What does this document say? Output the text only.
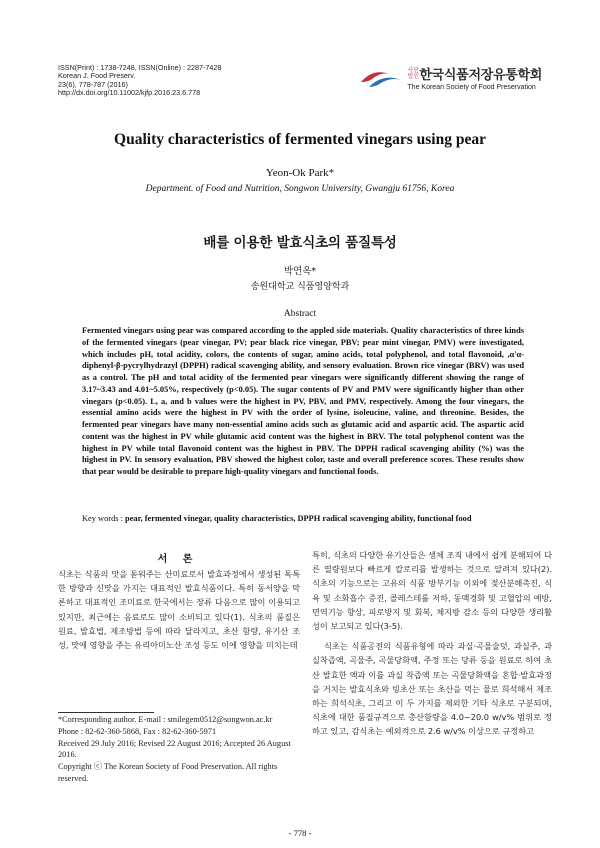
ISSN(Print) : 1738-7248, ISSN(Online) : 2287-7428
Korean J. Food Preserv.
23(6), 778-787 (2016)
http://dx.doi.org/10.11002/kjfp.2016.23.6.778
사단 법인 한국식품저장유통학회
The Korean Society of Food Preservation
Quality characteristics of fermented vinegars using pear
Yeon-Ok Park*
Department. of Food and Nutrition, Songwon University, Gwangju 61756, Korea
배를 이용한 발효식초의 품질특성
박연옥*
송원대학교 식품영양학과
Abstract

Fermented vinegars using pear was compared according to the appled side materials. Quality characteristics of three kinds of the fermented vinegars (pear vinegar, PV; pear black rice vinegar, PBV; pear mint vinegar, PMV) were investigated, which includes pH, total acidity, colors, the contents of sugar, amino acids, total polyphenol, and total flavonoid, ,α'α-diphenyl-β-pycrylhydrazyl (DPPH) radical scavenging ability, and sensory evaluation. Brown rice vinegar (BRV) was used as a control. The pH and total acidity of the fermented pear vinegars were significantly different showing the range of 3.17~3.43 and 4.01~5.05%, respectively (p<0.05). The sugar contents of PV and PMV were significantly higher than other vinegars (p<0.05). L, a, and b values were the highest in PV, PBV, and PMV, respectively. Among the four vinegars, the essential amino acids were the highest in PV with the order of lysine, isoleucine, valine, and threonine. Besides, the fermented pear vinegars have many non-essential amino acids such as glutamic acid and aspartic acid. The aspartic acid content was the highest in PV while glutamic acid content was the highest in BRV. The total polyphenol content was the highest in PV while total flavonoid content was the highest in PBV. The DPPH radical scavenging ability (%) was the highest in PV. In sensory evaluation, PBV showed the highest color, taste and overall preference scores. These results show that pear would be desirable to prepare high-quality vinegars and functional foods.

Key words : pear, fermented vinegar, quality characteristics, DPPH radical scavenging ability, functional food
서 론

식초는 식품의 맛을 돋워주는 산미료로서 발효과정에서 생성된 독특한 방향과 신맛을 가지는 대표적인 발효식품이다. 특히 동서양을 막론하고 대표적인 조미료로 한국에서는 장류 다음으로 많이 이용되고 있지만, 최근에는 음료로도 많이 소비되고 있다(1). 식초의 품질은 원료, 발효법, 제조방법 등에 따라 달라지고, 초산 함량, 유기산 조성, 맛에 영향을 주는 유리아미노산 조성 등도 이에 영향을 미치는데

특히, 식초의 다양한 유기산들은 생체 조직 내에서 쉽게 분해되어 다른 열량원보다 빠르게 칼로리를 발생하는 것으로 알려져 있다(2). 식초의 기능으로는 고유의 식품 방부기능 이외에 젖산분해촉진, 식욕 및 소화흡수 증진, 콜레스테롤 저하, 동맥경화 및 고혈압의 예방, 면역기능 향상, 피로방지 및 회복, 체지방 감소 등의 다양한 생리활성이 보고되고 있다(3-5).

식초는 식품공전의 식품유형에 따라 과실·곡물술덧, 과실주, 과실착즙액, 곡물주, 곡물당화액, 주정 또는 당류 등을 원료로 하여 초산 발효한 액과 이를 과실 착즙액 또는 곡물당화액을 혼합·발효과정을 거치는 발효식초와 빙초산 또는 초산을 먹는 물로 희석해서 제조하는 희석식초, 그리고 이 두 가지를 제외한 기타 식초로 구분되며, 식초에 대한 품질규격으로 총산함량을 4.0~20.0 w/v% 범위로 정하고 있고, 감식초는 예외적으로 2.6 w/v% 이상으로 규정하고

*Corresponding author. E-mail : smilegem0512@songwon.ac.kr
Phone : 82-62-360-5868, Fax : 82-62-360-5971
Received 29 July 2016; Revised 22 August 2016; Accepted 26 August 2016.
Copyright ⓒ The Korean Society of Food Preservation. All rights reserved.
- 778 -
